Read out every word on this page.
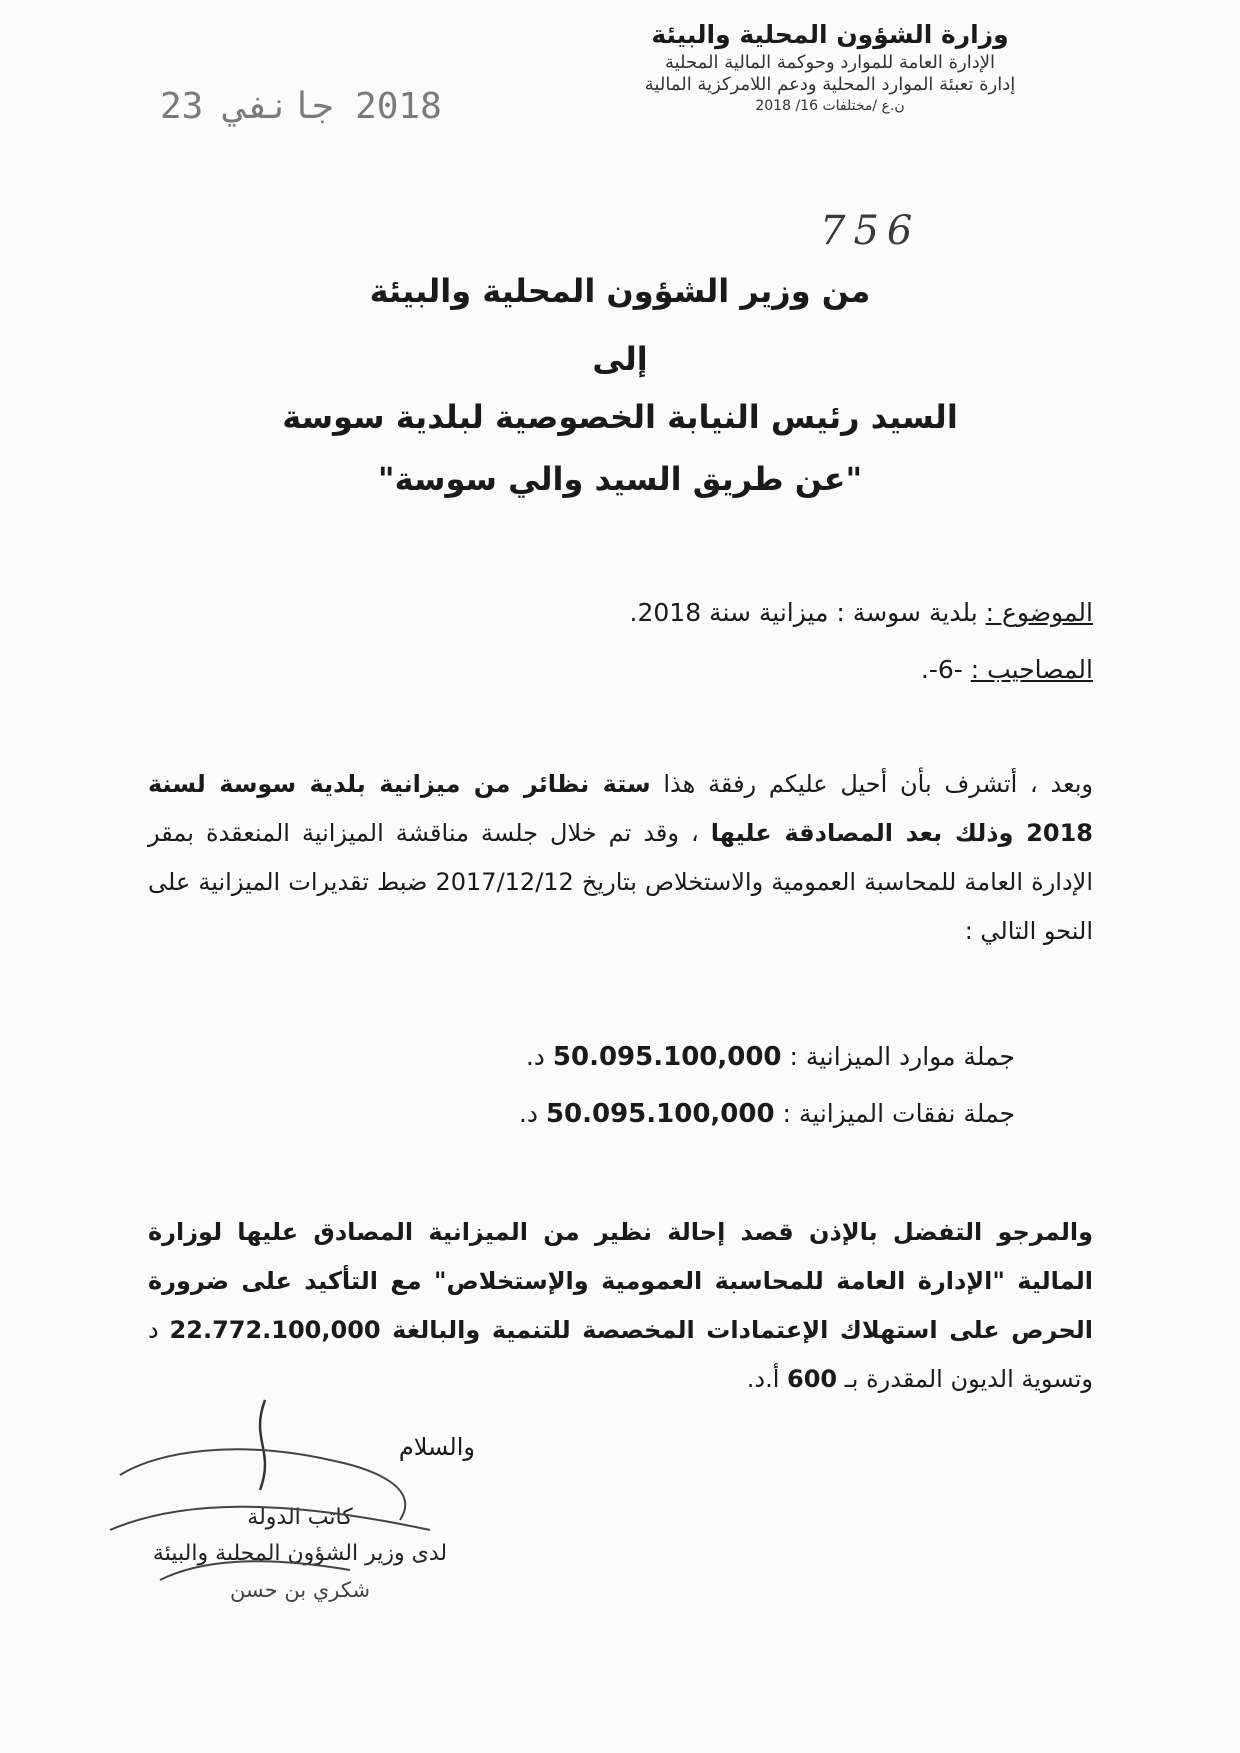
وزارة الشؤون المحلية والبيئة
الإدارة العامة للموارد وحوكمة المالية المحلية
إدارة تعبئة الموارد المحلية ودعم اللامركزية المالية
ن.ع /مختلفات 16/ 2018
2018 جانفي 23
756
من وزير الشؤون المحلية والبيئة
إلى
السيد رئيس النيابة الخصوصية لبلدية سوسة
"عن طريق السيد والي سوسة"
الموضوع : بلدية سوسة : ميزانية سنة 2018.
المصاحيب : -6-.
وبعد ، أتشرف بأن أحيل عليكم رفقة هذا ستة نظائر من ميزانية بلدية سوسة لسنة 2018 وذلك بعد المصادقة عليها ، وقد تم خلال جلسة مناقشة الميزانية المنعقدة بمقر الإدارة العامة للمحاسبة العمومية والاستخلاص بتاريخ 2017/12/12 ضبط تقديرات الميزانية على النحو التالي :
جملة موارد الميزانية : 50.095.100,000 د.
جملة نفقات الميزانية : 50.095.100,000 د.
والمرجو التفضل بالإذن قصد إحالة نظير من الميزانية المصادق عليها لوزارة المالية "الإدارة العامة للمحاسبة العمومية والإستخلاص" مع التأكيد على ضرورة الحرص على استهلاك الإعتمادات المخصصة للتنمية والبالغة 22.772.100,000 د وتسوية الديون المقدرة بـ 600 أ.د.
والسلام
كاتب الدولة
لدى وزير الشؤون المحلية والبيئة
شكري بن حسن
